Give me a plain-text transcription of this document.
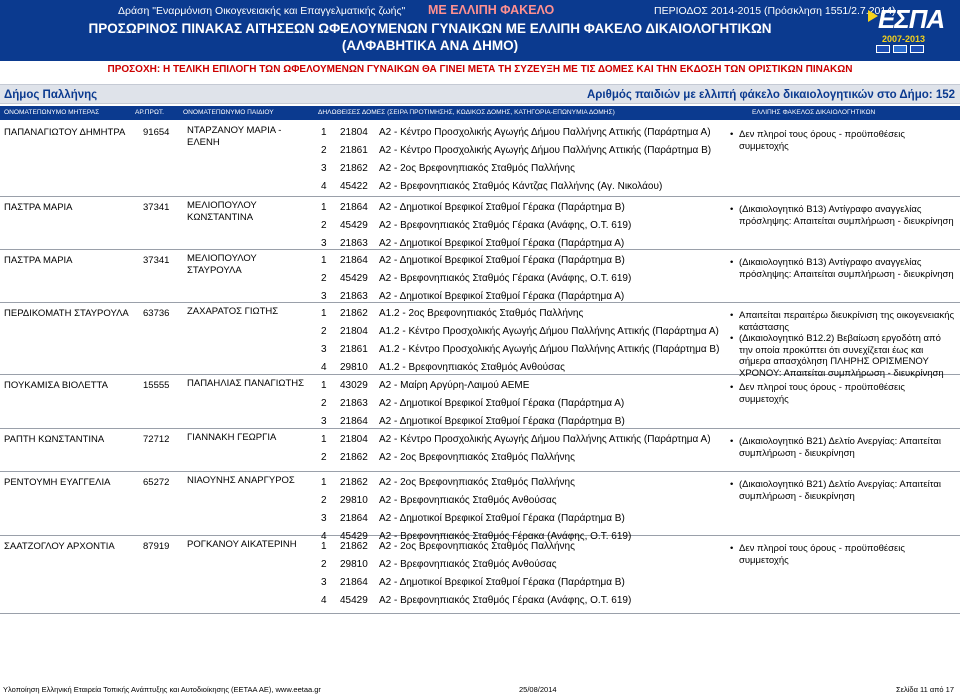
Δράση "Εναρμόνιση Οικογενειακής και Επαγγελματικής ζωής" ΜΕ ΕΛΛΙΠΗ ΦΑΚΕΛΟ	ΠΕΡΙΟΔΟΣ 2014-2015 (Πρόσκληση 1551/2.7.2014)
ΠΡΟΣΩΡΙΝΟΣ ΠΙΝΑΚΑΣ ΑΙΤΗΣΕΩΝ ΩΦΕΛΟΥΜΕΝΩΝ ΓΥΝΑΙΚΩΝ ΜΕ ΕΛΛΙΠΗ ΦΑΚΕΛΟ ΔΙΚΑΙΟΛΟΓΗΤΙΚΩΝ
(ΑΛΦΑΒΗΤΙΚΑ ΑΝΑ ΔΗΜΟ)
ΕΣΠΑ
2007-2013
ΠΡΟΣΟΧΗ: Η ΤΕΛΙΚΗ ΕΠΙΛΟΓΗ ΤΩΝ ΩΦΕΛΟΥΜΕΝΩΝ ΓΥΝΑΙΚΩΝ ΘΑ ΓΙΝΕΙ ΜΕΤΑ ΤΗ ΣΥΖΕΥΞΗ ΜΕ ΤΙΣ ΔΟΜΕΣ ΚΑΙ ΤΗΝ ΕΚΔΟΣΗ ΤΩΝ ΟΡΙΣΤΙΚΩΝ ΠΙΝΑΚΩΝ
Δήμος Παλλήνης	Αριθμός παιδιών με ελλιπή φάκελο δικαιολογητικών στο Δήμο: 152
ΟΝΟΜΑΤΕΠΩΝΥΜΟ ΜΗΤΕΡΑΣ	ΑΡ.ΠΡΩΤ.	ΟΝΟΜΑΤΕΠΩΝΥΜΟ ΠΑΙΔΙΟΥ	ΔΗΛΩΘΕΙΣΕΣ ΔΟΜΕΣ (ΣΕΙΡΑ ΠΡΟΤΙΜΗΣΗΣ, ΚΩΔΙΚΟΣ ΔΟΜΗΣ, ΚΑΤΗΓΟΡΙΑ-ΕΠΩΝΥΜΙΑ ΔΟΜΗΣ)	ΕΛΛΙΠΗΣ ΦΑΚΕΛΟΣ ΔΙΚΑΙΟΛΟΓΗΤΙΚΩΝ
ΠΑΠΑΝΑΓΙΩΤΟΥ ΔΗΜΗΤΡΑ 91654 ΝΤΑΡΖΑΝΟΥ ΜΑΡΙΑ - ΕΛΕΝΗ
1 21804 Α2 - Κέντρο Προσχολικής Αγωγής Δήμου Παλλήνης Αττικής (Παράρτημα Α)
2 21861 Α2 - Κέντρο Προσχολικής Αγωγής Δήμου Παλλήνης Αττικής (Παράρτημα Β)
3 21862 Α2 - 2ος Βρεφονηπιακός Σταθμός Παλλήνης
4 45422 Α2 - Βρεφονηπιακός Σταθμός Κάντζας Παλλήνης (Αγ. Νικολάου)
• Δεν πληροί τους όρους - προϋποθέσεις συμμετοχής
ΠΑΣΤΡΑ ΜΑΡΙΑ	37341 ΜΕΛΙΟΠΟΥΛΟΥ ΚΩΝΣΤΑΝΤΙΝΑ
1 21864 Α2 - Δημοτικοί Βρεφικοί Σταθμοί Γέρακα (Παράρτημα Β)
2 45429 Α2 - Βρεφονηπιακός Σταθμός Γέρακα (Ανάφης, Ο.Τ. 619)
3 21863 Α2 - Δημοτικοί Βρεφικοί Σταθμοί Γέρακα (Παράρτημα Α)
• (Δικαιολογητικό Β13) Αντίγραφο αναγγελίας πρόσληψης: Απαιτείται συμπλήρωση - διευκρίνηση
ΠΑΣΤΡΑ ΜΑΡΙΑ	37341 ΜΕΛΙΟΠΟΥΛΟΥ ΣΤΑΥΡΟΥΛΑ
1 21864 Α2 - Δημοτικοί Βρεφικοί Σταθμοί Γέρακα (Παράρτημα Β)
2 45429 Α2 - Βρεφονηπιακός Σταθμός Γέρακα (Ανάφης, Ο.Τ. 619)
3 21863 Α2 - Δημοτικοί Βρεφικοί Σταθμοί Γέρακα (Παράρτημα Α)
• (Δικαιολογητικό Β13) Αντίγραφο αναγγελίας πρόσληψης: Απαιτείται συμπλήρωση - διευκρίνηση
ΠΕΡΔΙΚΟΜΑΤΗ ΣΤΑΥΡΟΥΛΑ 63736 ΖΑΧΑΡΑΤΟΣ ΓΙΩΤΗΣ	1 21862 Α1.2 - 2ος Βρεφονηπιακός Σταθμός Παλλήνης
2 21804 Α1.2 - Κέντρο Προσχολικής Αγωγής Δήμου Παλλήνης Αττικής (Παράρτημα Α)
3 21861 Α1.2 - Κέντρο Προσχολικής Αγωγής Δήμου Παλλήνης Αττικής (Παράρτημα Β)
4 29810 Α1.2 - Βρεφονηπιακός Σταθμός Ανθούσας
• Απαιτείται περαιτέρω διευκρίνιση της οικογενειακής κατάστασης
• (Δικαιολογητικό Β12.2) Βεβαίωση εργοδότη από την οποία προκύπτει ότι συνεχίζεται έως και σήμερα απασχόληση ΠΛΗΡΗΣ ΟΡΙΣΜΕΝΟΥ ΧΡΟΝΟΥ: Απαιτείται συμπλήρωση - διευκρίνηση
ΠΟΥΚΑΜΙΣΑ ΒΙΟΛΕΤΤΑ	15555 ΠΑΠΑΗΛΙΑΣ ΠΑΝΑΓΙΩΤΗΣ	1 43029 Α2 - Μαίρη Αργύρη-Λαιμού ΑΕΜΕ
2 21863 Α2 - Δημοτικοί Βρεφικοί Σταθμοί Γέρακα (Παράρτημα Α)
3 21864 Α2 - Δημοτικοί Βρεφικοί Σταθμοί Γέρακα (Παράρτημα Β)
• Δεν πληροί τους όρους - προϋποθέσεις συμμετοχής
ΡΑΠΤΗ ΚΩΝΣΤΑΝΤΙΝΑ	72712 ΓΙΑΝΝΑΚΗ ΓΕΩΡΓΙΑ	1 21804 Α2 - Κέντρο Προσχολικής Αγωγής Δήμου Παλλήνης Αττικής (Παράρτημα Α)
2 21862 Α2 - 2ος Βρεφονηπιακός Σταθμός Παλλήνης
• (Δικαιολογητικό Β21) Δελτίο Ανεργίας: Απαιτείται συμπλήρωση - διευκρίνηση
ΡΕΝΤΟΥΜΗ ΕΥΑΓΓΕΛΙΑ	65272 ΝΙΑΟΥΝΗΣ ΑΝΑΡΓΥΡΟΣ	1 21862 Α2 - 2ος Βρεφονηπιακός Σταθμός Παλλήνης
2 29810 Α2 - Βρεφονηπιακός Σταθμός Ανθούσας
3 21864 Α2 - Δημοτικοί Βρεφικοί Σταθμοί Γέρακα (Παράρτημα Β)
4 45429 Α2 - Βρεφονηπιακός Σταθμός Γέρακα (Ανάφης, Ο.Τ. 619)
• (Δικαιολογητικό Β21) Δελτίο Ανεργίας: Απαιτείται συμπλήρωση - διευκρίνηση
ΣΑΑΤΖΟΓΛΟΥ ΑΡΧΟΝΤΙΑ	87919 ΡΟΓΚΑΝΟΥ ΑΙΚΑΤΕΡΙΝΗ	1 21862 Α2 - 2ος Βρεφονηπιακός Σταθμός Παλλήνης
2 29810 Α2 - Βρεφονηπιακός Σταθμός Ανθούσας
3 21864 Α2 - Δημοτικοί Βρεφικοί Σταθμοί Γέρακα (Παράρτημα Β)
4 45429 Α2 - Βρεφονηπιακός Σταθμός Γέρακα (Ανάφης, Ο.Τ. 619)
• Δεν πληροί τους όρους - προϋποθέσεις συμμετοχής
Υλοποίηση Ελληνική Εταιρεία Τοπικής Ανάπτυξης και Αυτοδιοίκησης (ΕΕΤΑΑ ΑΕ), www.eetaa.gr	25/08/2014	Σελίδα 11 από 17
